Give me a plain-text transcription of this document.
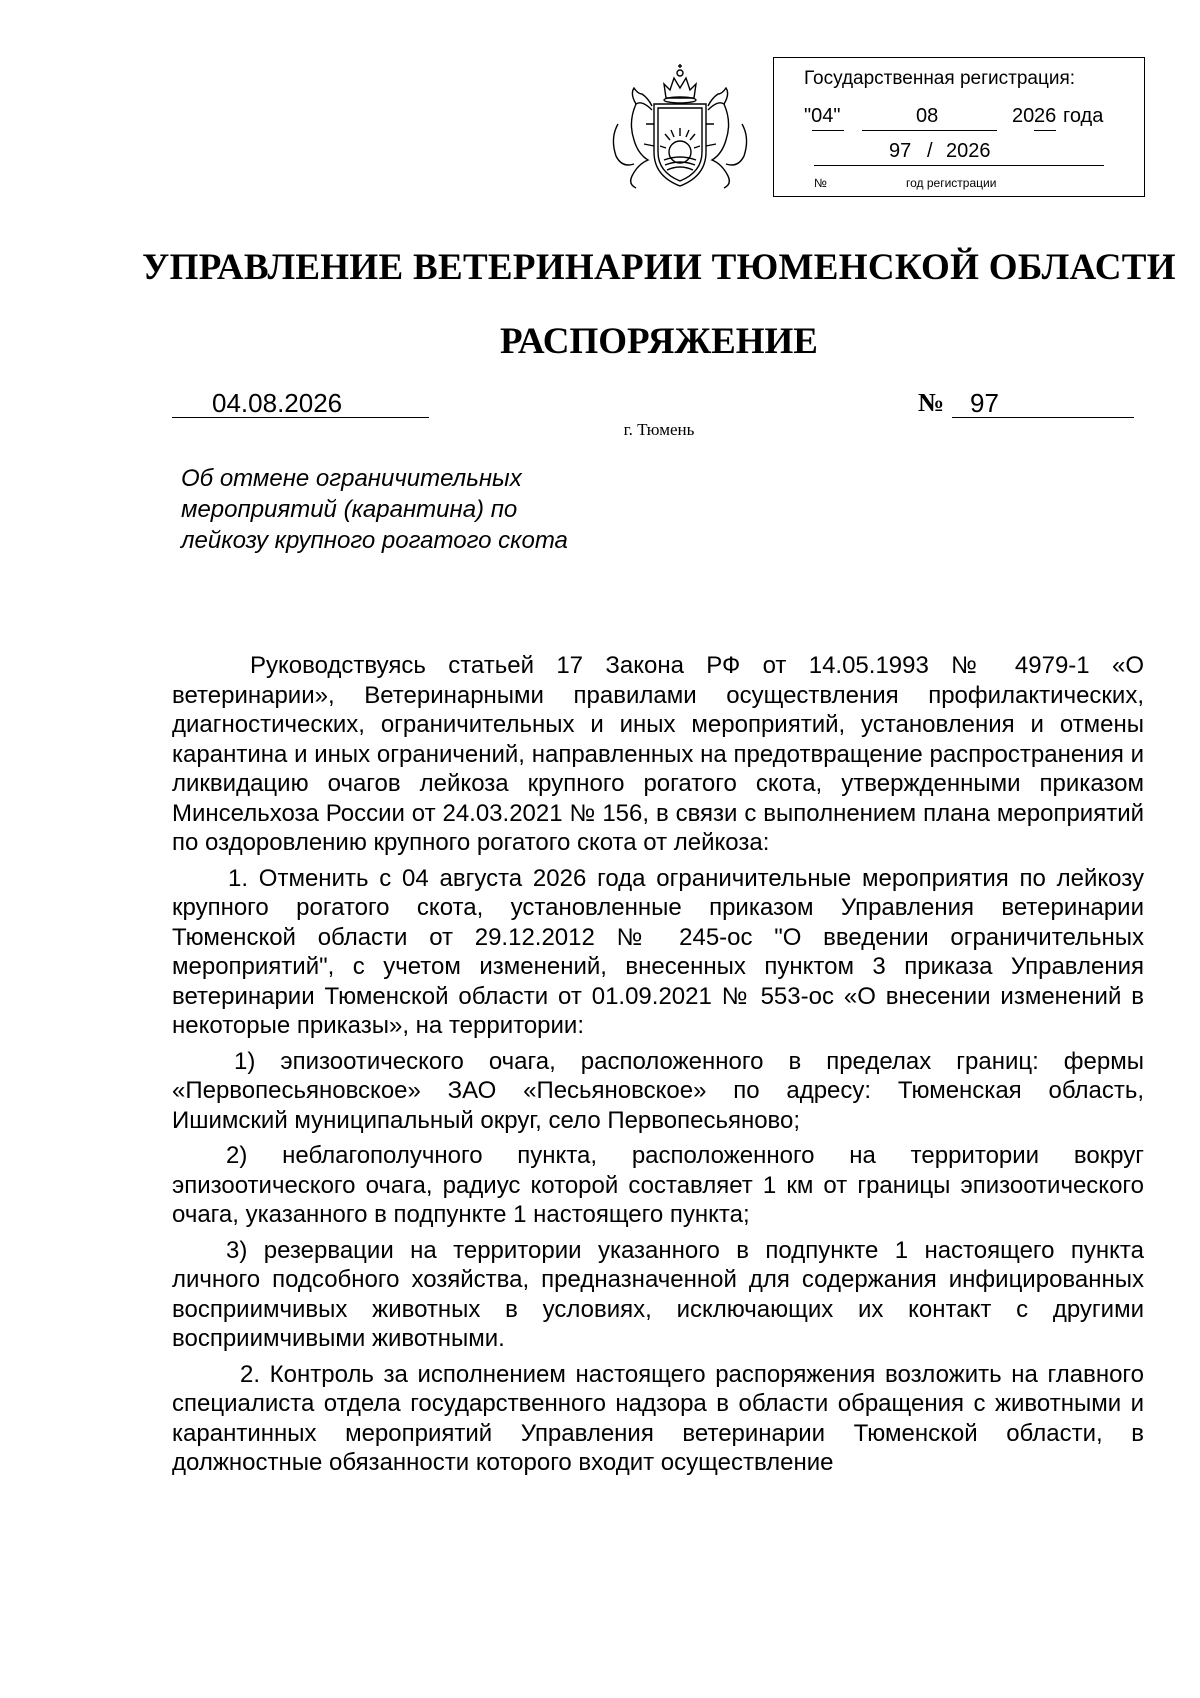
Государственная регистрация:
"04"	08	20 26 года
97 / 2026
№	год регистрации
УПРАВЛЕНИЕ ВЕТЕРИНАРИИ ТЮМЕНСКОЙ ОБЛАСТИ
РАСПОРЯЖЕНИЕ
04.08.2026	№ 97
г. Тюмень
Об отмене ограничительных
мероприятий (карантина) по
лейкозу крупного рогатого скота
Руководствуясь статьей 17 Закона РФ от 14.05.1993 № 4979-1 «О ветеринарии», Ветеринарными правилами осуществления профилактических, диагностических, ограничительных и иных мероприятий, установления и отмены карантина и иных ограничений, направленных на предотвращение распространения и ликвидацию очагов лейкоза крупного рогатого скота, утвержденными приказом Минсельхоза России от 24.03.2021 № 156, в связи с выполнением плана мероприятий по оздоровлению крупного рогатого скота от лейкоза:
1. Отменить с 04 августа 2026 года ограничительные мероприятия по лейкозу крупного рогатого скота, установленные приказом Управления ветеринарии Тюменской области от 29.12.2012 № 245-ос "О введении ограничительных мероприятий", с учетом изменений, внесенных пунктом 3 приказа Управления ветеринарии Тюменской области от 01.09.2021 № 553-ос «О внесении изменений в некоторые приказы», на территории:
1) эпизоотического очага, расположенного в пределах границ: фермы «Первопесьяновское» ЗАО «Песьяновское» по адресу: Тюменская область, Ишимский муниципальный округ, село Первопесьяново;
2) неблагополучного пункта, расположенного на территории вокруг эпизоотического очага, радиус которой составляет 1 км от границы эпизоотического очага, указанного в подпункте 1 настоящего пункта;
3) резервации на территории указанного в подпункте 1 настоящего пункта личного подсобного хозяйства, предназначенной для содержания инфицированных восприимчивых животных в условиях, исключающих их контакт с другими восприимчивыми животными.
2. Контроль за исполнением настоящего распоряжения возложить на главного специалиста отдела государственного надзора в области обращения с животными и карантинных мероприятий Управления ветеринарии Тюменской области, в должностные обязанности которого входит осуществление
